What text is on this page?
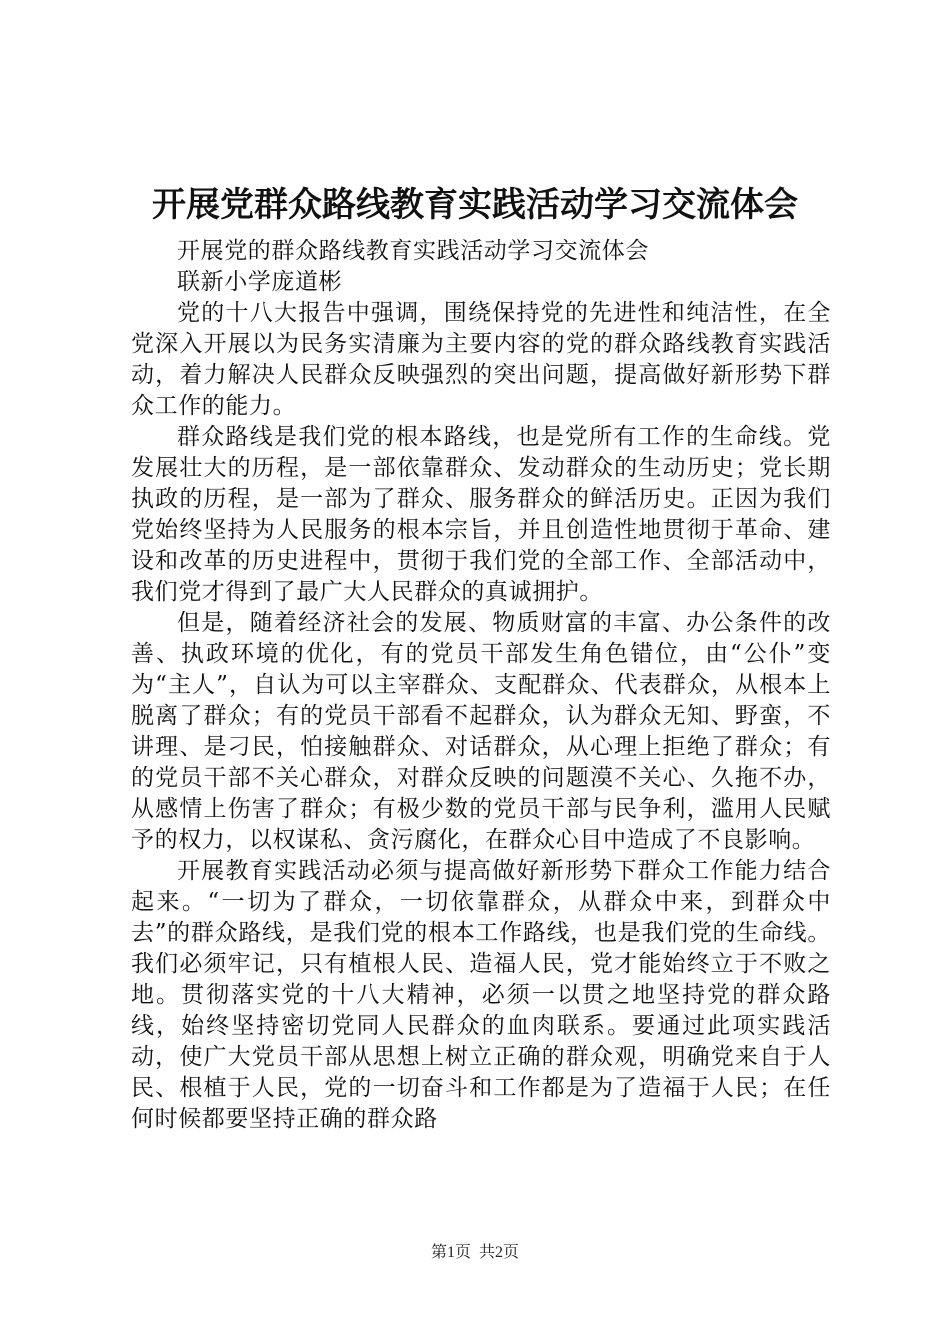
开展党群众路线教育实践活动学习交流体会

开展党的群众路线教育实践活动学习交流体会

联新小学庞道彬

党的十八大报告中强调，围绕保持党的先进性和纯洁性，在全党深入开展以为民务实清廉为主要内容的党的群众路线教育实践活动，着力解决人民群众反映强烈的突出问题，提高做好新形势下群众工作的能力。

群众路线是我们党的根本路线，也是党所有工作的生命线。党发展壮大的历程，是一部依靠群众、发动群众的生动历史；党长期执政的历程，是一部为了群众、服务群众的鲜活历史。正因为我们党始终坚持为人民服务的根本宗旨，并且创造性地贯彻于革命、建设和改革的历史进程中，贯彻于我们党的全部工作、全部活动中，我们党才得到了最广大人民群众的真诚拥护。

但是，随着经济社会的发展、物质财富的丰富、办公条件的改善、执政环境的优化，有的党员干部发生角色错位，由“公仆”变为“主人”，自认为可以主宰群众、支配群众、代表群众，从根本上脱离了群众；有的党员干部看不起群众，认为群众无知、野蛮，不讲理、是刁民，怕接触群众、对话群众，从心理上拒绝了群众；有的党员干部不关心群众，对群众反映的问题漠不关心、久拖不办，从感情上伤害了群众；有极少数的党员干部与民争利，滥用人民赋予的权力，以权谋私、贪污腐化，在群众心目中造成了不良影响。

开展教育实践活动必须与提高做好新形势下群众工作能力结合起来。“一切为了群众，一切依靠群众，从群众中来，到群众中去”的群众路线，是我们党的根本工作路线，也是我们党的生命线。我们必须牢记，只有植根人民、造福人民，党才能始终立于不败之地。贯彻落实党的十八大精神，必须一以贯之地坚持党的群众路线，始终坚持密切党同人民群众的血肉联系。要通过此项实践活动，使广大党员干部从思想上树立正确的群众观，明确党来自于人民、根植于人民，党的一切奋斗和工作都是为了造福于人民；在任何时候都要坚持正确的群众路

第1页 共2页
